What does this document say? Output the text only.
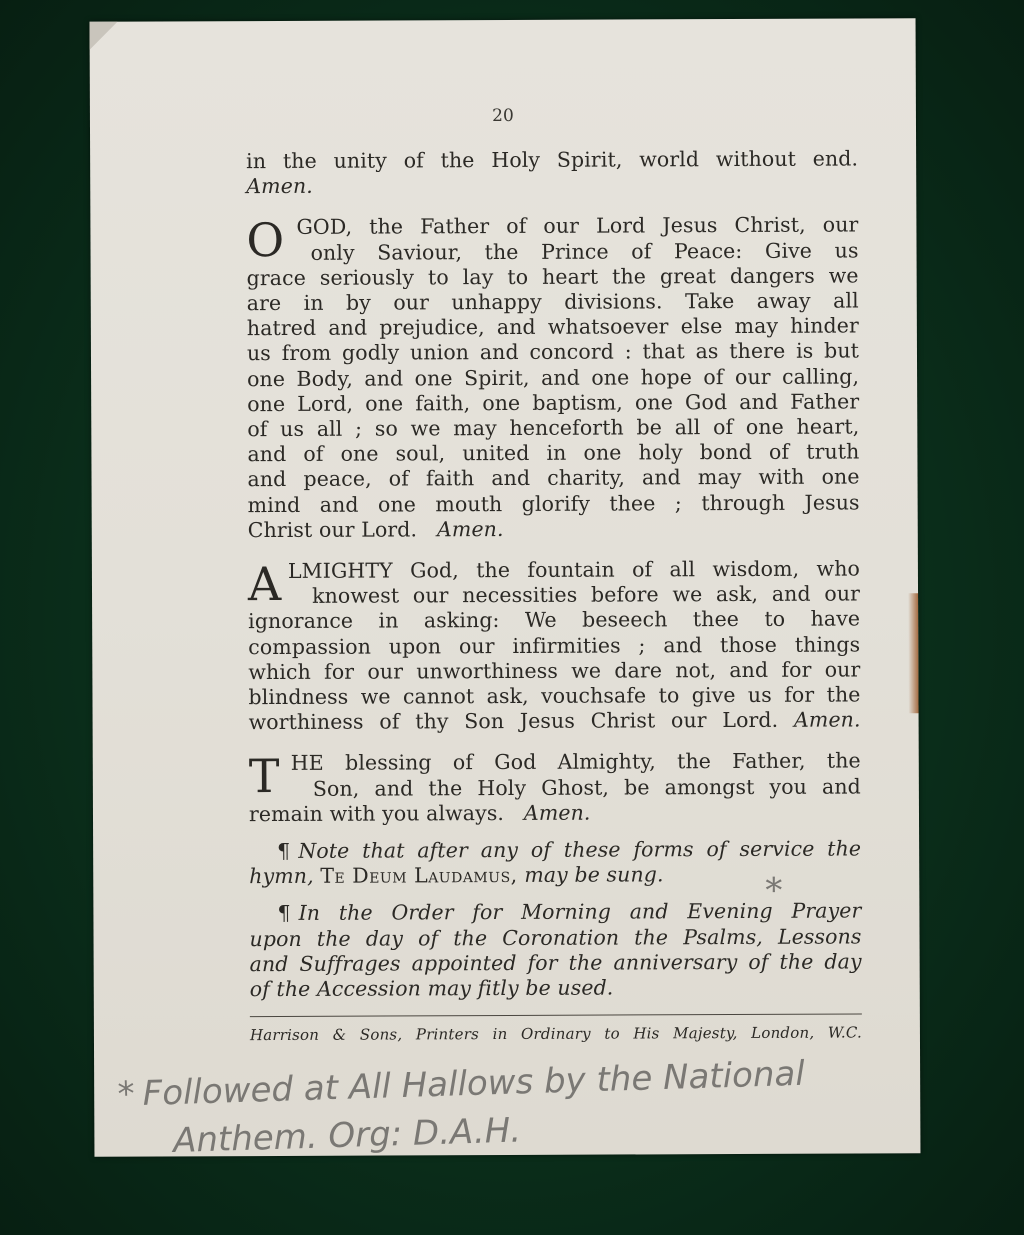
20
in the unity of the Holy Spirit, world without end.
Amen.
O GOD, the Father of our Lord Jesus Christ, our
only Saviour, the Prince of Peace: Give us
grace seriously to lay to heart the great dangers we
are in by our unhappy divisions. Take away all
hatred and prejudice, and whatsoever else may hinder
us from godly union and concord : that as there is but
one Body, and one Spirit, and one hope of our calling,
one Lord, one faith, one baptism, one God and Father
of us all ; so we may henceforth be all of one heart,
and of one soul, united in one holy bond of truth
and peace, of faith and charity, and may with one
mind and one mouth glorify thee ; through Jesus
Christ our Lord. Amen.
A LMIGHTY God, the fountain of all wisdom, who
knowest our necessities before we ask, and our
ignorance in asking: We beseech thee to have
compassion upon our infirmities ; and those things
which for our unworthiness we dare not, and for our
blindness we cannot ask, vouchsafe to give us for the
worthiness of thy Son Jesus Christ our Lord. Amen.
T HE blessing of God Almighty, the Father, the
Son, and the Holy Ghost, be amongst you and
remain with you always. Amen.
¶ Note that after any of these forms of service the
hymn, Te Deum Laudamus, may be sung.
¶ In the Order for Morning and Evening Prayer
upon the day of the Coronation the Psalms, Lessons
and Suffrages appointed for the anniversary of the day
of the Accession may fitly be used.
Harrison & Sons, Printers in Ordinary to His Majesty, London, W.C.
*
* Followed at All Hallows by the National
Anthem. Org: D.A.H.
